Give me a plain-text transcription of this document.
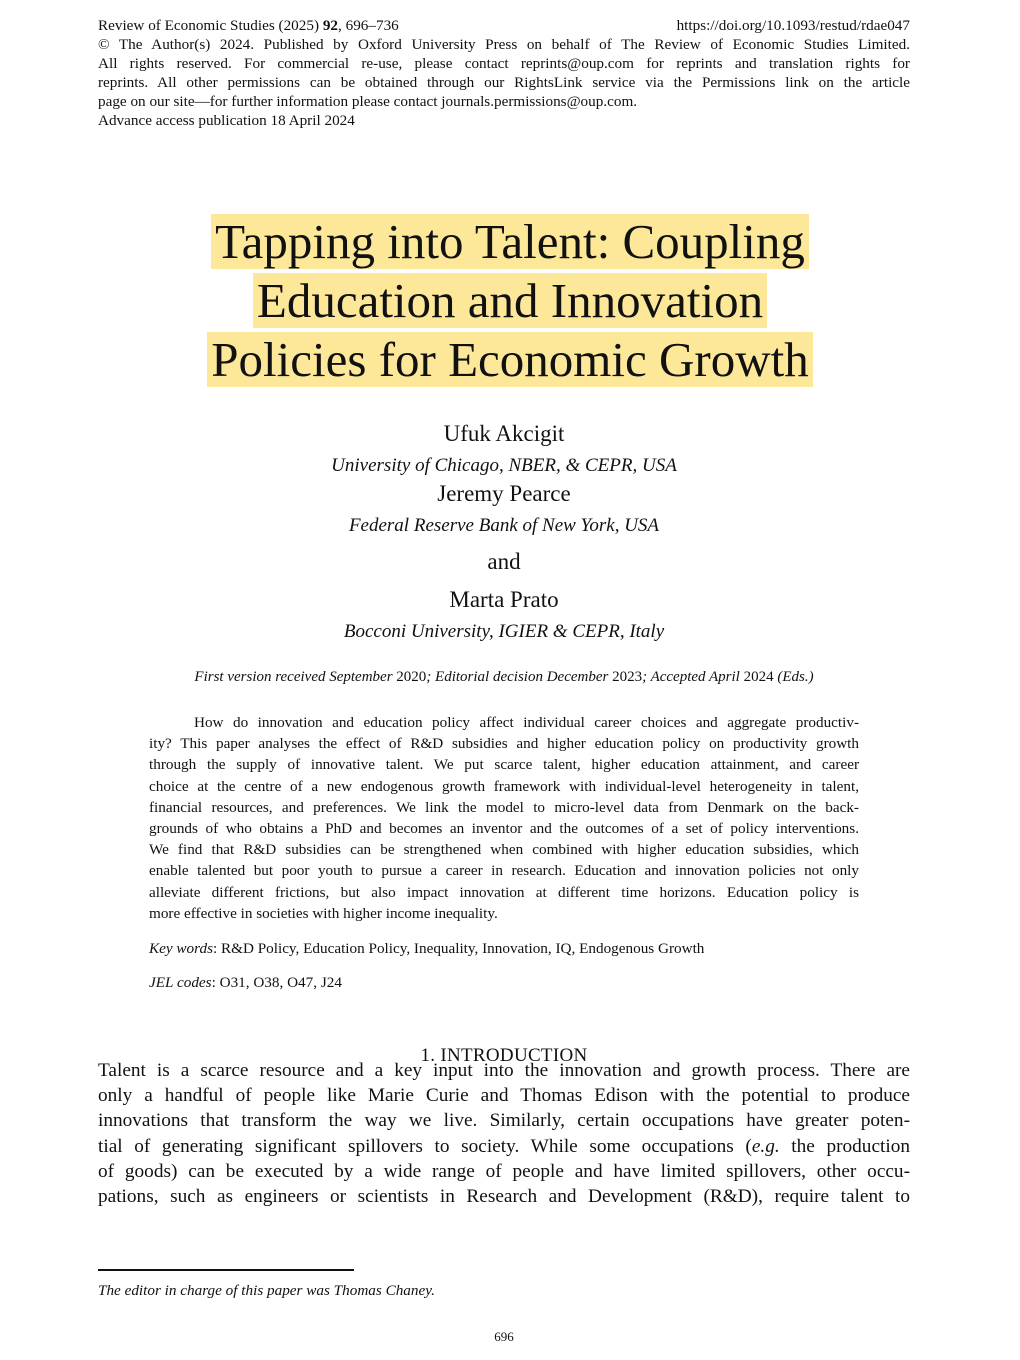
Review of Economic Studies (2025) 92, 696–736	https://doi.org/10.1093/restud/rdae047
© The Author(s) 2024. Published by Oxford University Press on behalf of The Review of Economic Studies Limited.
All rights reserved. For commercial re-use, please contact reprints@oup.com for reprints and translation rights for
reprints. All other permissions can be obtained through our RightsLink service via the Permissions link on the article
page on our site—for further information please contact journals.permissions@oup.com.
Advance access publication 18 April 2024
Tapping into Talent: Coupling
Education and Innovation
Policies for Economic Growth
Ufuk Akcigit
University of Chicago, NBER, & CEPR, USA
Jeremy Pearce
Federal Reserve Bank of New York, USA
and
Marta Prato
Bocconi University, IGIER & CEPR, Italy
First version received September 2020; Editorial decision December 2023; Accepted April 2024 (Eds.)
How do innovation and education policy affect individual career choices and aggregate productiv-
ity? This paper analyses the effect of R&D subsidies and higher education policy on productivity growth
through the supply of innovative talent. We put scarce talent, higher education attainment, and career
choice at the centre of a new endogenous growth framework with individual-level heterogeneity in talent,
financial resources, and preferences. We link the model to micro-level data from Denmark on the back-
grounds of who obtains a PhD and becomes an inventor and the outcomes of a set of policy interventions.
We find that R&D subsidies can be strengthened when combined with higher education subsidies, which
enable talented but poor youth to pursue a career in research. Education and innovation policies not only
alleviate different frictions, but also impact innovation at different time horizons. Education policy is
more effective in societies with higher income inequality.
Key words: R&D Policy, Education Policy, Inequality, Innovation, IQ, Endogenous Growth
JEL codes: O31, O38, O47, J24
1. INTRODUCTION
Talent is a scarce resource and a key input into the innovation and growth process. There are
only a handful of people like Marie Curie and Thomas Edison with the potential to produce
innovations that transform the way we live. Similarly, certain occupations have greater poten-
tial of generating significant spillovers to society. While some occupations (e.g. the production
of goods) can be executed by a wide range of people and have limited spillovers, other occu-
pations, such as engineers or scientists in Research and Development (R&D), require talent to
The editor in charge of this paper was Thomas Chaney.
696
